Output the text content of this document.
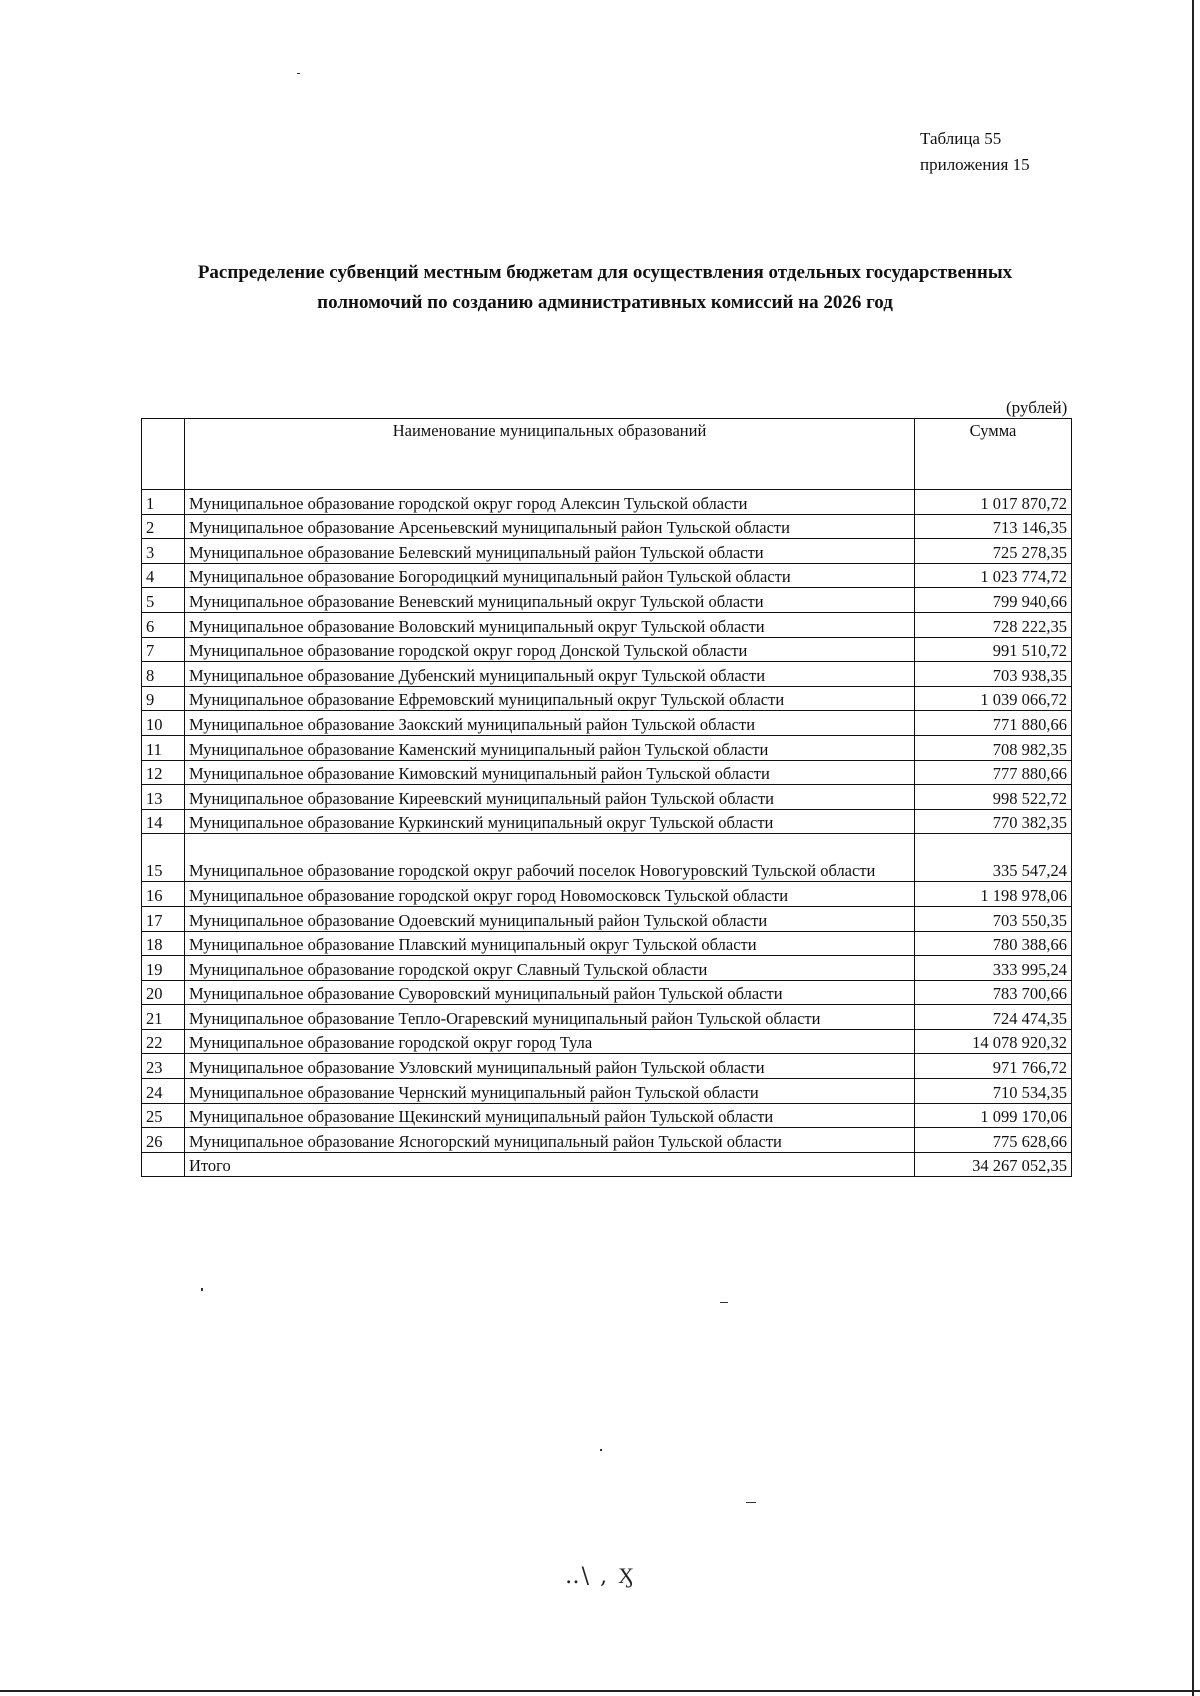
Таблица 55
приложения 15
Распределение субвенций местным бюджетам для осуществления отдельных государственных
полномочий по созданию административных комиссий на 2026 год
(рублей)
	Наименование муниципальных образований	Сумма
1	Муниципальное образование городской округ город Алексин Тульской области	1 017 870,72
2	Муниципальное образование Арсеньевский муниципальный район Тульской области	713 146,35
3	Муниципальное образование Белевский муниципальный район Тульской области	725 278,35
4	Муниципальное образование Богородицкий муниципальный район Тульской области	1 023 774,72
5	Муниципальное образование Веневский муниципальный округ Тульской области	799 940,66
6	Муниципальное образование Воловский муниципальный округ Тульской области	728 222,35
7	Муниципальное образование городской округ город Донской Тульской области	991 510,72
8	Муниципальное образование Дубенский муниципальный округ Тульской области	703 938,35
9	Муниципальное образование Ефремовский муниципальный округ Тульской области	1 039 066,72
10	Муниципальное образование Заокский муниципальный район Тульской области	771 880,66
11	Муниципальное образование Каменский муниципальный район Тульской области	708 982,35
12	Муниципальное образование Кимовский муниципальный район Тульской области	777 880,66
13	Муниципальное образование Киреевский муниципальный район Тульской области	998 522,72
14	Муниципальное образование Куркинский муниципальный округ Тульской области	770 382,35
15	Муниципальное образование городской округ рабочий поселок Новогуровский Тульской области	335 547,24
16	Муниципальное образование городской округ город Новомосковск Тульской области	1 198 978,06
17	Муниципальное образование Одоевский муниципальный район Тульской области	703 550,35
18	Муниципальное образование Плавский муниципальный округ Тульской области	780 388,66
19	Муниципальное образование городской округ Славный Тульской области	333 995,24
20	Муниципальное образование Суворовский муниципальный район Тульской области	783 700,66
21	Муниципальное образование Тепло-Огаревский муниципальный район Тульской области	724 474,35
22	Муниципальное образование городской округ город Тула	14 078 920,32
23	Муниципальное образование Узловский муниципальный район Тульской области	971 766,72
24	Муниципальное образование Чернский муниципальный район Тульской области	710 534,35
25	Муниципальное образование Щекинский муниципальный район Тульской области	1 099 170,06
26	Муниципальное образование Ясногорский муниципальный район Тульской области	775 628,66
	Итого	34 267 052,35
‥\ , Ӽ
